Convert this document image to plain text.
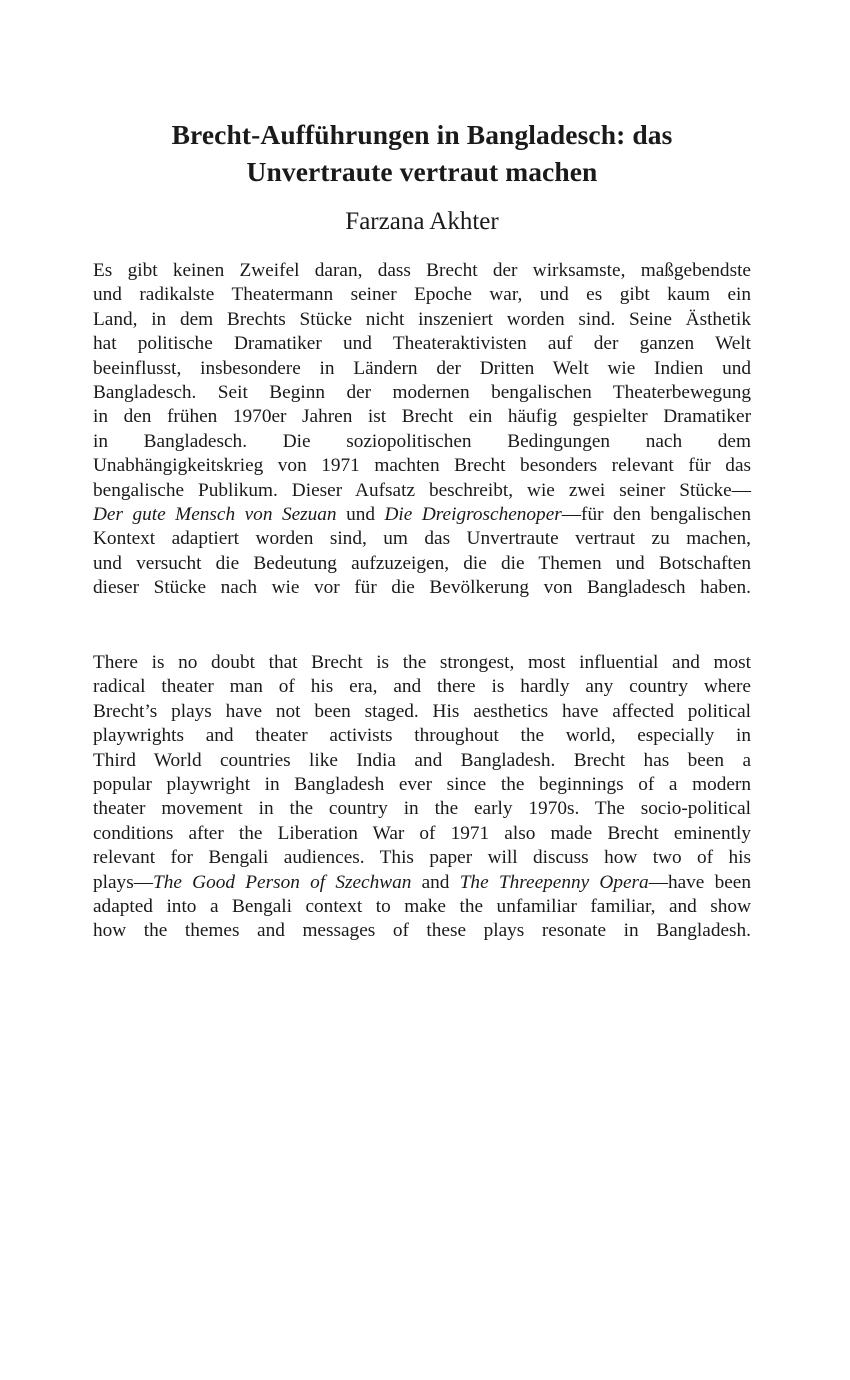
Brecht-Aufführungen in Bangladesch: das
Unvertraute vertraut machen
Farzana Akhter
Es gibt keinen Zweifel daran, dass Brecht der wirksamste, maßgebendste
und radikalste Theatermann seiner Epoche war, und es gibt kaum ein
Land, in dem Brechts Stücke nicht inszeniert worden sind. Seine Ästhetik
hat politische Dramatiker und Theateraktivisten auf der ganzen Welt
beeinflusst, insbesondere in Ländern der Dritten Welt wie Indien und
Bangladesch. Seit Beginn der modernen bengalischen Theaterbewegung
in den frühen 1970er Jahren ist Brecht ein häufig gespielter Dramatiker
in Bangladesch. Die soziopolitischen Bedingungen nach dem
Unabhängigkeitskrieg von 1971 machten Brecht besonders relevant für das
bengalische Publikum. Dieser Aufsatz beschreibt, wie zwei seiner Stücke—
Der gute Mensch von Sezuan und Die Dreigroschenoper—für den bengalischen
Kontext adaptiert worden sind, um das Unvertraute vertraut zu machen,
und versucht die Bedeutung aufzuzeigen, die die Themen und Botschaften
dieser Stücke nach wie vor für die Bevölkerung von Bangladesch haben.
There is no doubt that Brecht is the strongest, most influential and most
radical theater man of his era, and there is hardly any country where
Brecht’s plays have not been staged. His aesthetics have affected political
playwrights and theater activists throughout the world, especially in
Third World countries like India and Bangladesh. Brecht has been a
popular playwright in Bangladesh ever since the beginnings of a modern
theater movement in the country in the early 1970s. The socio-political
conditions after the Liberation War of 1971 also made Brecht eminently
relevant for Bengali audiences. This paper will discuss how two of his
plays—The Good Person of Szechwan and The Threepenny Opera—have been
adapted into a Bengali context to make the unfamiliar familiar, and show
how the themes and messages of these plays resonate in Bangladesh.
